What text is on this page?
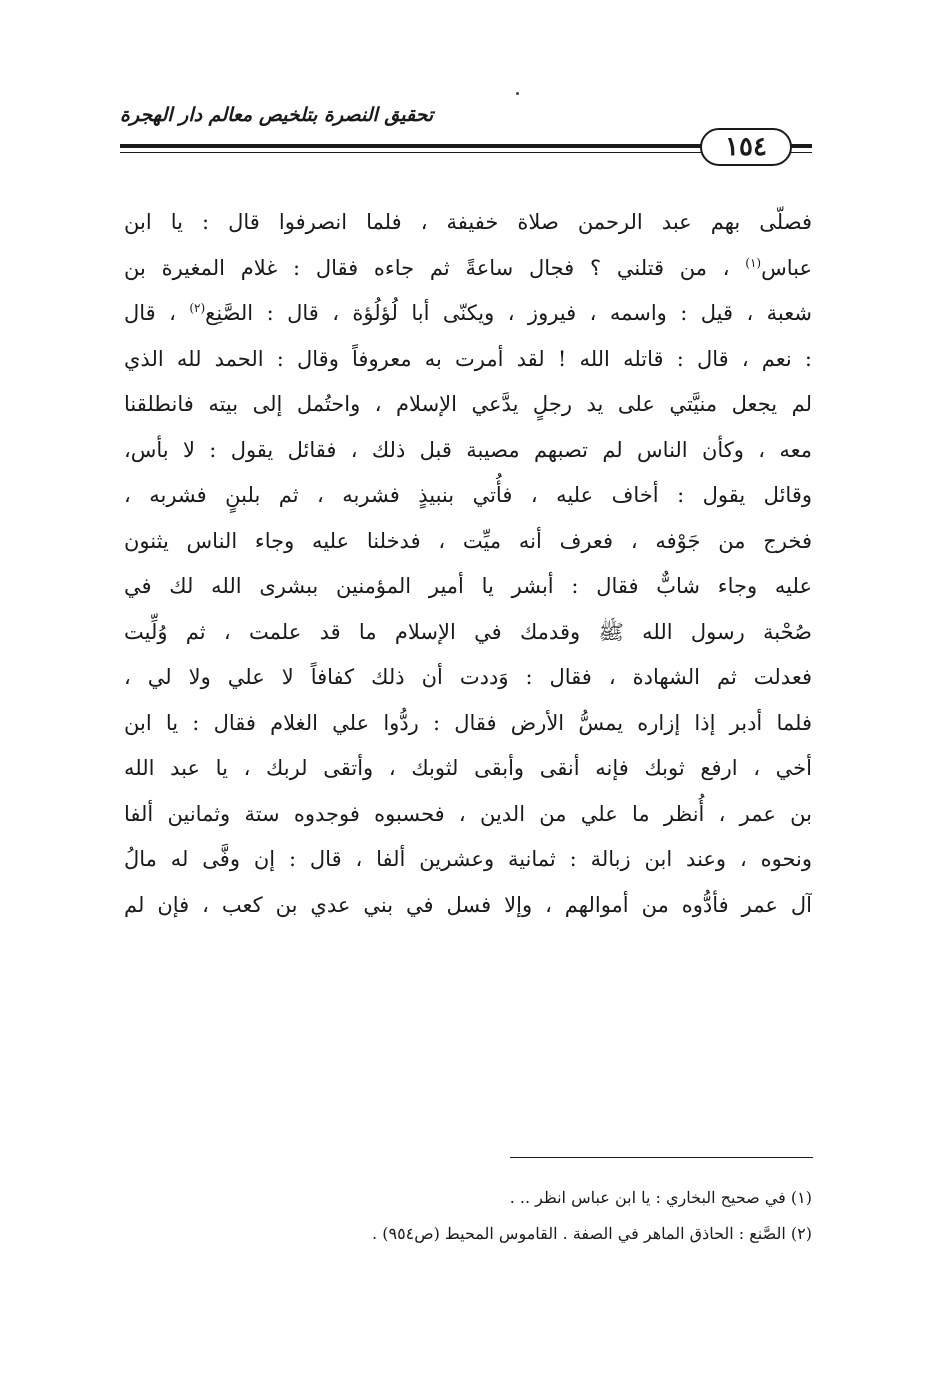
تحقيق النصرة بتلخيص معالم دار الهجرة
١٥٤
فصلّى بهم عبد الرحمن صلاة خفيفة ، فلما انصرفوا قال : يا ابن
عباس$^{(١)}$ ، من قتلني ؟ فجال ساعةً ثم جاءه فقال : غلام المغيرة بن
شعبة ، قيل : واسمه ، فيروز ، ويكنّى أبا لُؤلُؤة ، قال : الصَّنِع$^{(٢)}$ ، قال
: نعم ، قال : قاتله الله ! لقد أمرت به معروفاً وقال : الحمد لله الذي
لم يجعل منيَّتي على يد رجلٍ يدَّعي الإسلام ، واحتُمل إلى بيته فانطلقنا
معه ، وكأن الناس لم تصبهم مصيبة قبل ذلك ، فقائل يقول : لا بأس،
وقائل يقول : أخاف عليه ، فأُتي بنبيذٍ فشربه ، ثم بلبنٍ فشربه ،
فخرج من جَوْفه ، فعرف أنه ميِّت ، فدخلنا عليه وجاء الناس يثنون
عليه وجاء شابٌّ فقال : أبشر يا أمير المؤمنين ببشرى الله لك في
صُحْبة رسول الله ﷺ وقدمك في الإسلام ما قد علمت ، ثم وُلِّيت
فعدلت ثم الشهادة ، فقال : وَددت أن ذلك كفافاً لا علي ولا لي ،
فلما أدبر إذا إزاره يمسُّ الأرض فقال : ردُّوا علي الغلام فقال : يا ابن
أخي ، ارفع ثوبك فإنه أنقى وأبقى لثوبك ، وأتقى لربك ، يا عبد الله
بن عمر ، أُنظر ما علي من الدين ، فحسبوه فوجدوه ستة وثمانين ألفا
ونحوه ، وعند ابن زبالة : ثمانية وعشرين ألفا ، قال : إن وفَّى له مالُ
آل عمر فأدُّوه من أموالهم ، وإلا فسل في بني عدي بن كعب ، فإن لم
(١) في صحيح البخاري : يا ابن عباس انظر .. .
(٢) الصَّنع : الحاذق الماهر في الصفة . القاموس المحيط (ص٩٥٤) .
